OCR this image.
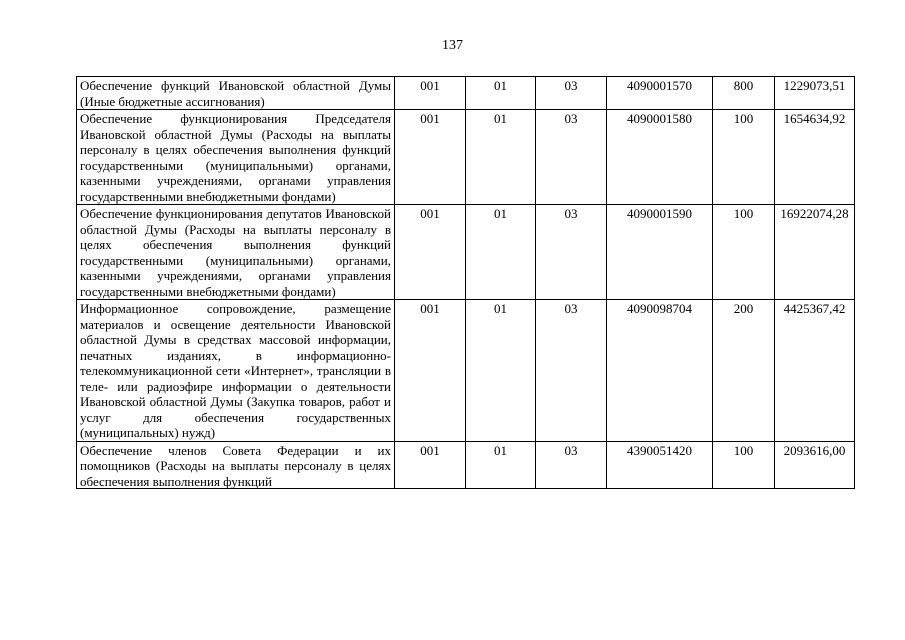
137
Обеспечение функций Ивановской областной Думы (Иные бюджетные ассигнования)	001	01	03	4090001570	800	1229073,51
Обеспечение функционирования Председателя Ивановской областной Думы (Расходы на выплаты персоналу в целях обеспечения выполнения функций государственными (муниципальными) органами, казенными учреждениями, органами управления государственными внебюджетными фондами)	001	01	03	4090001580	100	1654634,92
Обеспечение функционирования депутатов Ивановской областной Думы (Расходы на выплаты персоналу в целях обеспечения выполнения функций государственными (муниципальными) органами, казенными учреждениями, органами управления государственными внебюджетными фондами)	001	01	03	4090001590	100	16922074,28
Информационное сопровождение, размещение материалов и освещение деятельности Ивановской областной Думы в средствах массовой информации, печатных изданиях, в информационно-телекоммуникационной сети «Интернет», трансляции в теле- или радиоэфире информации о деятельности Ивановской областной Думы (Закупка товаров, работ и услуг для обеспечения государственных (муниципальных) нужд)	001	01	03	4090098704	200	4425367,42

Обеспечение членов Совета Федерации и их помощников (Расходы на выплаты персоналу в целях обеспечения выполнения функций	001	01	03	4390051420	100	2093616,00
